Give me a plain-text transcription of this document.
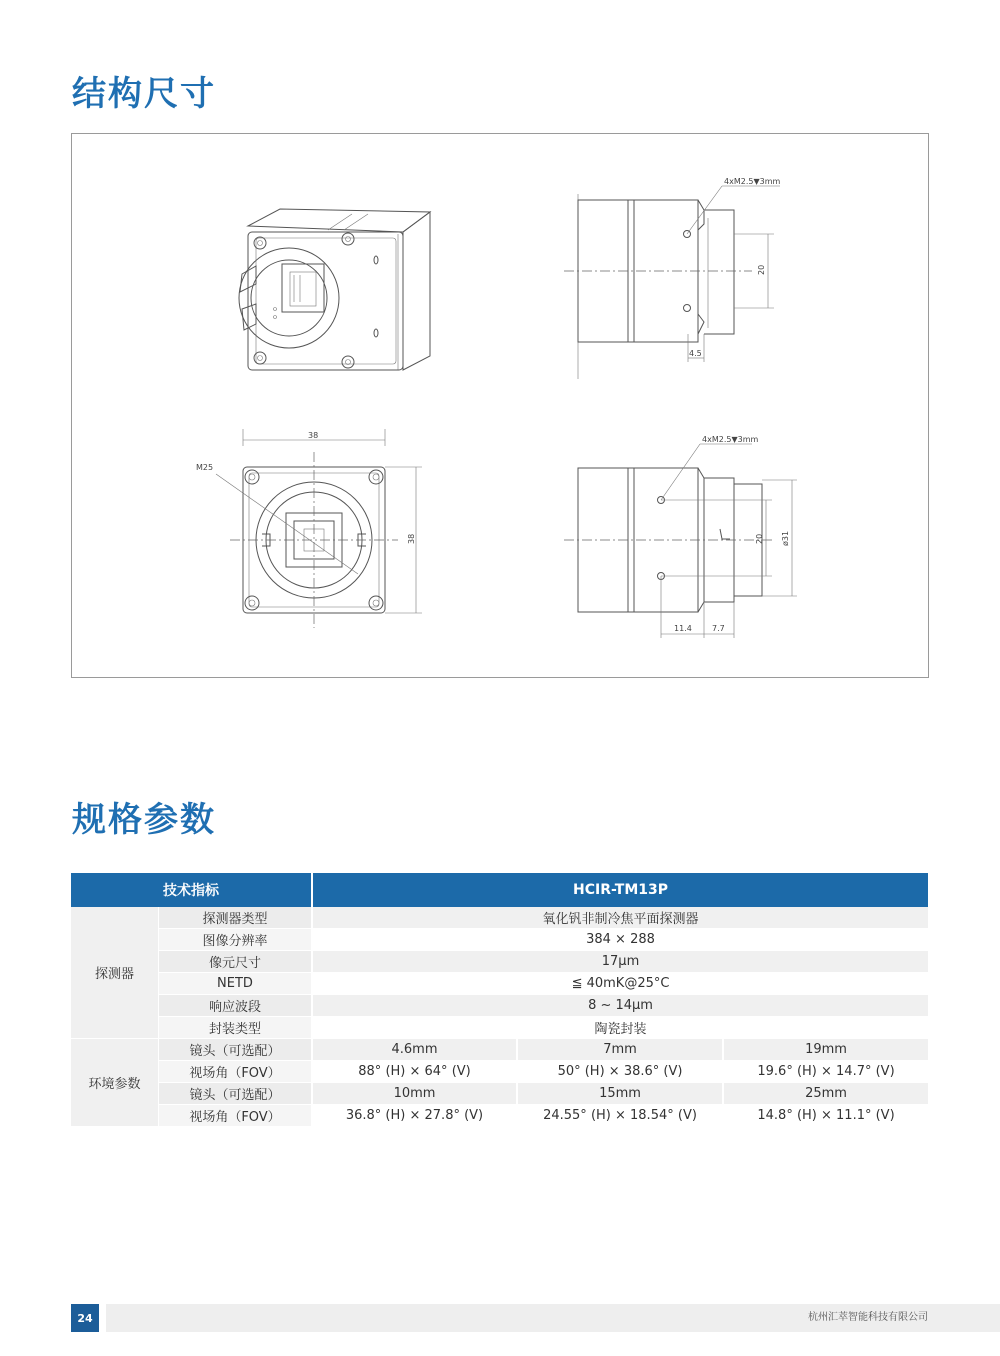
结构尺寸
4xM2.5▼3mm
20
4.5
38
M25
38
4xM2.5▼3mm
20 ø31
11.4	7.7
规格参数
技术指标		HCIR-TM13P		
探测器	探测器类型	氧化钒非制冷焦平面探测器		
	图像分辨率	384 × 288		
	像元尺寸	17μm		
	NETD	≦ 40mK@25°C		
	响应波段	8 ~ 14μm		
	封装类型	陶瓷封装		
环境参数	镜头（可选配）	4.6mm	7mm	19mm
	视场角（FOV）	88° (H) × 64° (V)	50° (H) × 38.6° (V)	19.6° (H) × 14.7° (V)
	镜头（可选配）	10mm	15mm	25mm
	视场角（FOV）	36.8° (H) × 27.8° (V)	24.55° (H) × 18.54° (V)	14.8° (H) × 11.1° (V)
24	杭州汇萃智能科技有限公司
